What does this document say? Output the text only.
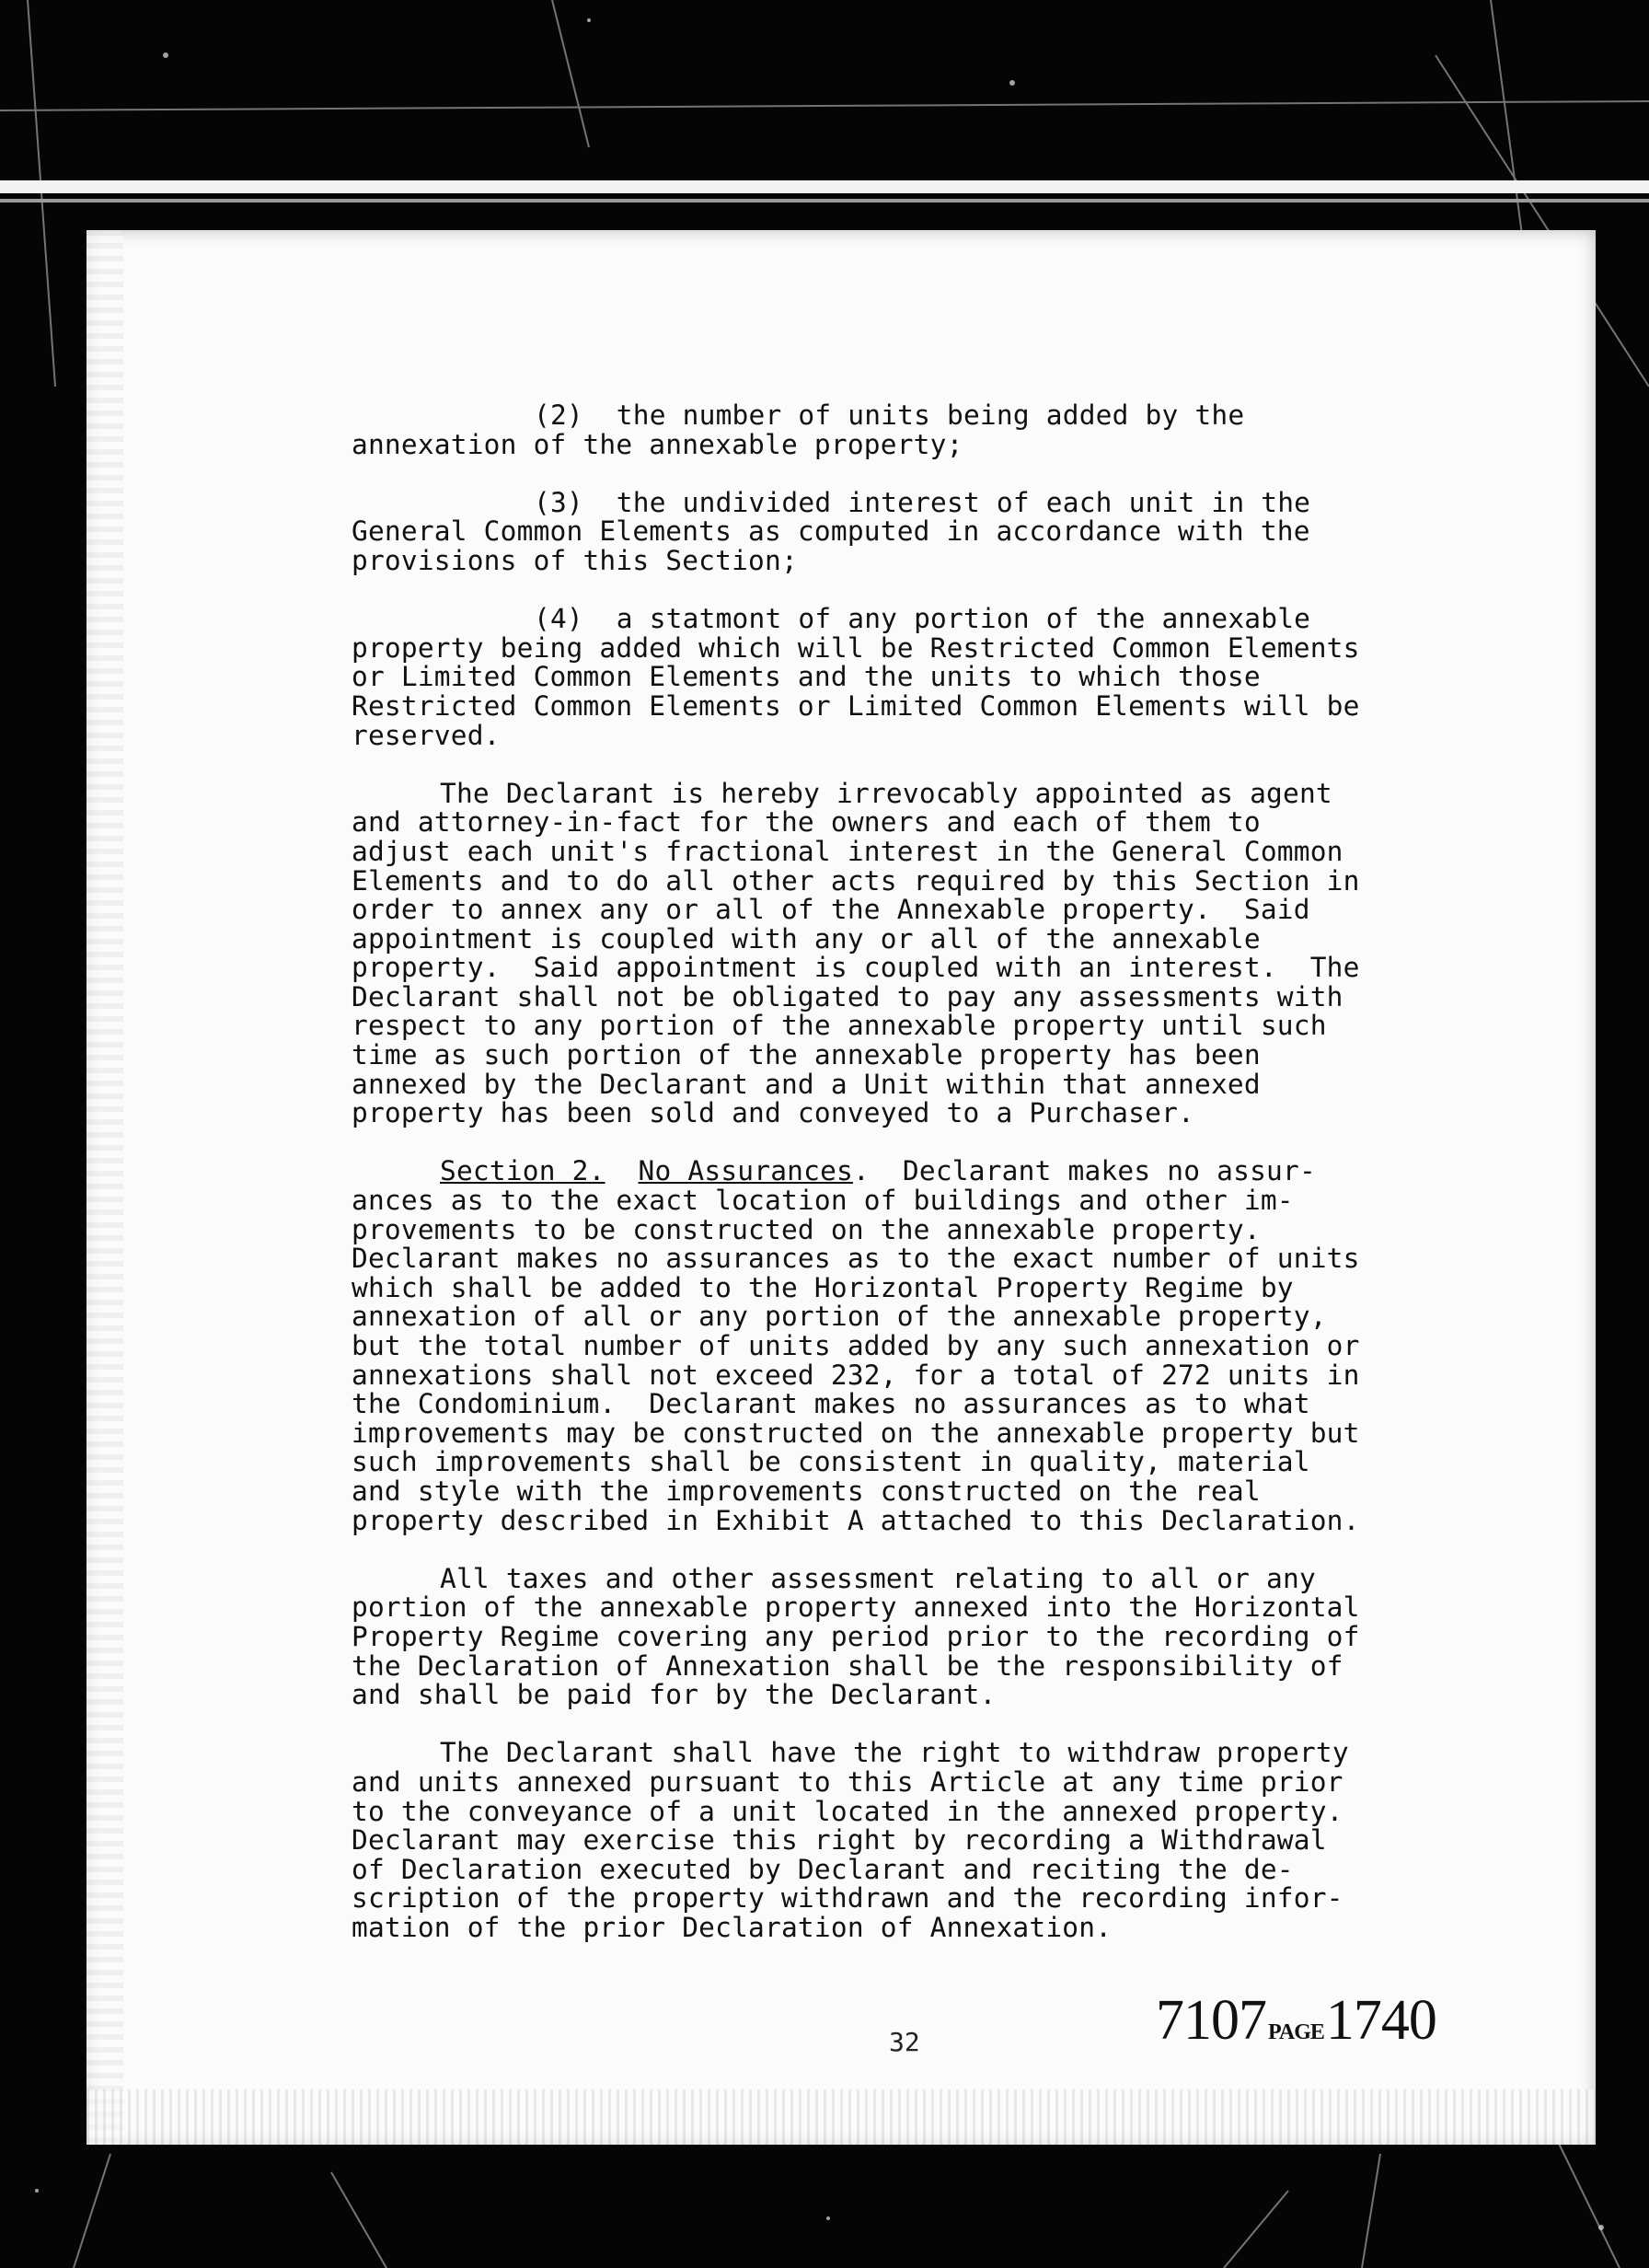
(2)  the number of units being added by the
annexation of the annexable property;
(3)  the undivided interest of each unit in the
General Common Elements as computed in accordance with the
provisions of this Section;
(4)  a statmont of any portion of the annexable
property being added which will be Restricted Common Elements
or Limited Common Elements and the units to which those
Restricted Common Elements or Limited Common Elements will be
reserved.
The Declarant is hereby irrevocably appointed as agent
and attorney-in-fact for the owners and each of them to
adjust each unit's fractional interest in the General Common
Elements and to do all other acts required by this Section in
order to annex any or all of the Annexable property.  Said
appointment is coupled with any or all of the annexable
property.  Said appointment is coupled with an interest.  The
Declarant shall not be obligated to pay any assessments with
respect to any portion of the annexable property until such
time as such portion of the annexable property has been
annexed by the Declarant and a Unit within that annexed
property has been sold and conveyed to a Purchaser.
Section 2. No Assurances.  Declarant makes no assur-
ances as to the exact location of buildings and other im-
provements to be constructed on the annexable property.
Declarant makes no assurances as to the exact number of units
which shall be added to the Horizontal Property Regime by
annexation of all or any portion of the annexable property,
but the total number of units added by any such annexation or
annexations shall not exceed 232, for a total of 272 units in
the Condominium.  Declarant makes no assurances as to what
improvements may be constructed on the annexable property but
such improvements shall be consistent in quality, material
and style with the improvements constructed on the real
property described in Exhibit A attached to this Declaration.
All taxes and other assessment relating to all or any
portion of the annexable property annexed into the Horizontal
Property Regime covering any period prior to the recording of
the Declaration of Annexation shall be the responsibility of
and shall be paid for by the Declarant.
The Declarant shall have the right to withdraw property
and units annexed pursuant to this Article at any time prior
to the conveyance of a unit located in the annexed property.
Declarant may exercise this right by recording a Withdrawal
of Declaration executed by Declarant and reciting the de-
scription of the property withdrawn and the recording infor-
mation of the prior Declaration of Annexation.
32	7107PAGE1740
